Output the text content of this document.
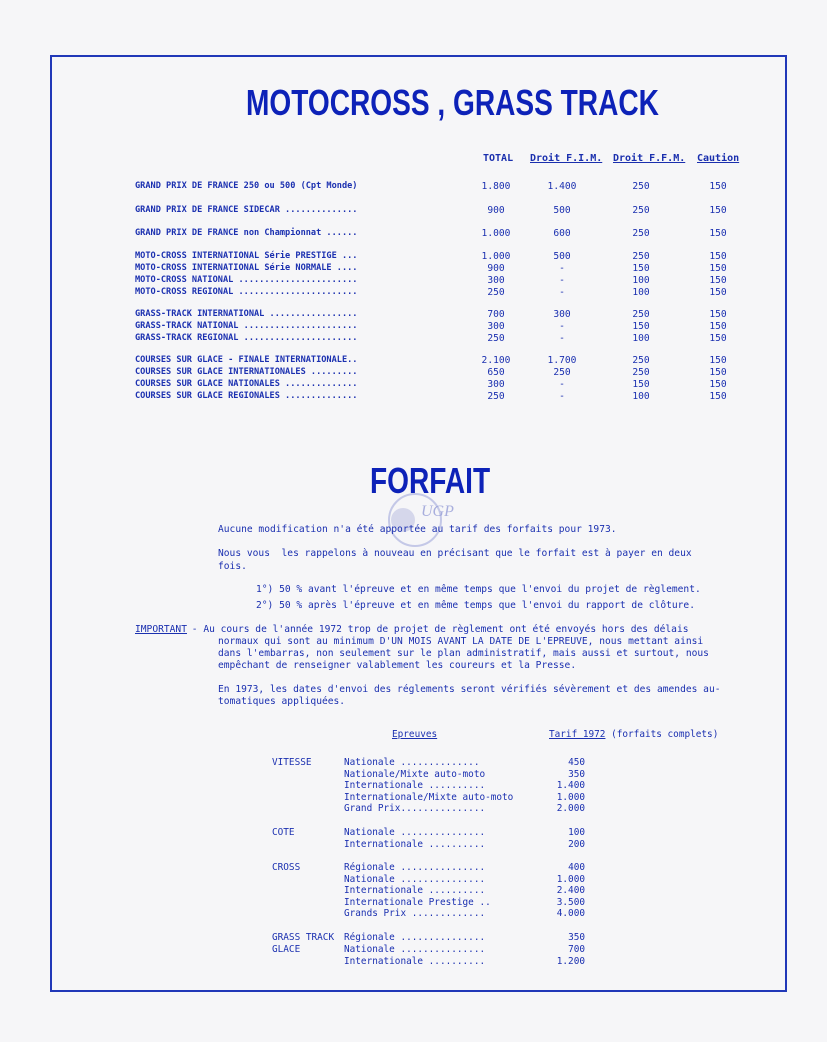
MOTOCROSS , GRASS TRACK
TOTAL Droit F.I.M. Droit F.F.M. Caution
GRAND PRIX DE FRANCE 250 ou 500 (Cpt Monde)	1.800	1.400	250	150
GRAND PRIX DE FRANCE SIDECAR ..............	900	500	250	150
GRAND PRIX DE FRANCE non Championnat ......	1.000	600	250	150
MOTO-CROSS INTERNATIONAL Série PRESTIGE ...	1.000	500	250	150
MOTO-CROSS INTERNATIONAL Série NORMALE ....	900	-	150	150
MOTO-CROSS NATIONAL .......................	300	-	100	150
MOTO-CROSS REGIONAL .......................	250	-	100	150
GRASS-TRACK INTERNATIONAL .................	700	300	250	150
GRASS-TRACK NATIONAL ......................	300	-	150	150
GRASS-TRACK REGIONAL ......................	250	-	100	150
COURSES SUR GLACE - FINALE INTERNATIONALE..	2.100	1.700	250	150
COURSES SUR GLACE INTERNATIONALES .........	650	250	250	150
COURSES SUR GLACE NATIONALES ..............	300	-	150	150
COURSES SUR GLACE REGIONALES ..............	250	-	100	150
FORFAIT
UGP
Aucune modification n'a été apportée au tarif des forfaits pour 1973.
Nous vous  les rappelons à nouveau en précisant que le forfait est à payer en deux
fois.
1°) 50 % avant l'épreuve et en même temps que l'envoi du projet de règlement.
2°) 50 % après l'épreuve et en même temps que l'envoi du rapport de clôture.
IMPORTANT - Au cours de l'année 1972 trop de projet de règlement ont été envoyés hors des délais
normaux qui sont au minimum D'UN MOIS AVANT LA DATE DE L'EPREUVE, nous mettant ainsi
dans l'embarras, non seulement sur le plan administratif, mais aussi et surtout, nous
empêchant de renseigner valablement les coureurs et la Presse.
En 1973, les dates d'envoi des réglements seront vérifiés sévèrement et des amendes au-
tomatiques appliquées.
Epreuves	Tarif 1972 (forfaits complets)
VITESSE	Nationale ..............	450
Nationale/Mixte auto-moto	350
Internationale ..........	1.400
Internationale/Mixte auto-moto	1.000
Grand Prix...............	2.000
COTE	Nationale ...............	100
Internationale ..........	200
CROSS	Régionale ...............	400
Nationale ...............	1.000
Internationale ..........	2.400
Internationale Prestige ..	3.500
Grands Prix .............	4.000
GRASS TRACK Régionale ...............	350
GLACE	Nationale ...............	700
Internationale ..........	1.200
